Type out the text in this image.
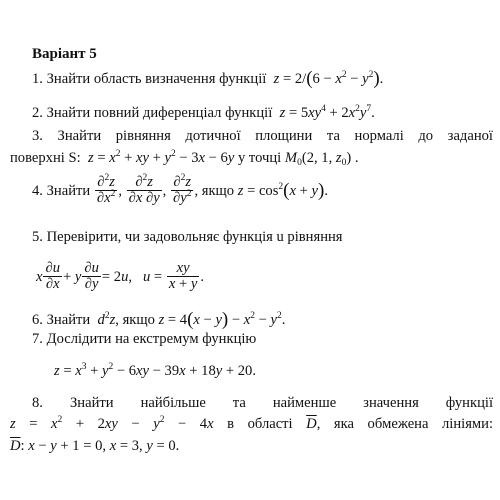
Варіант 5
1. Знайти область визначення функції  $z = 2/(6 - x^2 - y^2)$.
2. Знайти повний диференціал функції  $z = 5xy^4 + 2x^2y^7$.
3. Знайти рівняння дотичної площини та нормалі до заданої
поверхні S:  $z = x^2$ + xy + $y^2 - 3x - 6y$ у точці $M_0(2$, 1, $z_0$) .
4. Знайти $\frac{\partial^2z}{\partial x^2}$ , $\frac{\partial^2z}{\partial x \partial y}$ , $\frac{\partial^2z}{\partial y^2}$ , якщо $z = \cos^2(x + y)$.
5. Перевірити, чи задовольняє функція u рівняння
x $\frac{\partial u}{\partial x} + y \frac{\partial u}{\partial y} = 2u$,   $u = \frac{xy}{x + y}$ .
6. Знайти  $d^2z$, якщо $z = 4(x - y) - x^2 - y^2$.
7. Дослідити на екстремум функцію
$z = x^3 + y^2 - 6xy - 39x + 18y + 20$.
8. Знайти найбільше та найменше значення функції
$z = x^2 + 2xy - y^2 - 4x$ в області $\overline{D}$, яка обмежена лініями:
$\overline{D}$: x − y + 1 = 0, x = 3, y = 0.
